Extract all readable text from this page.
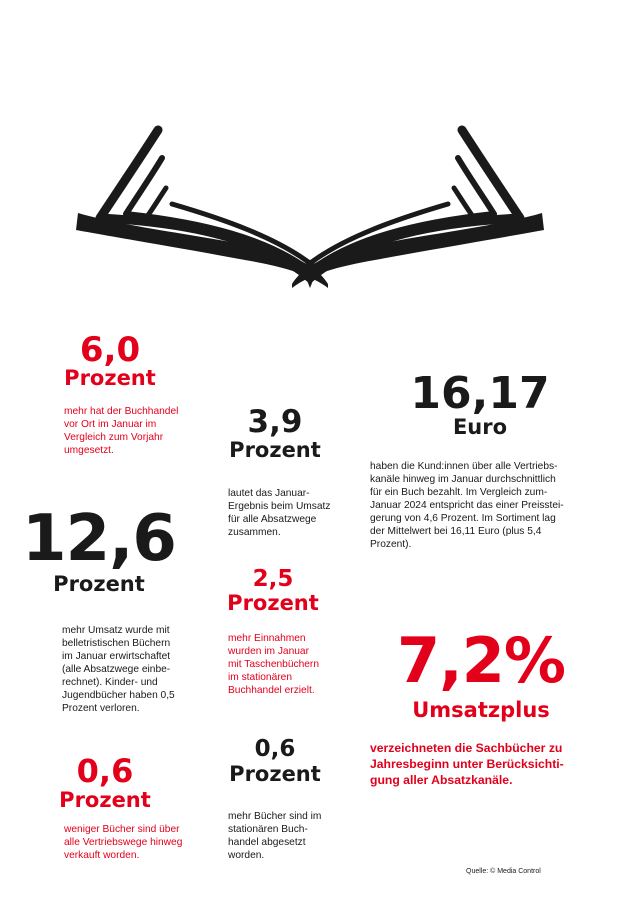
6,0
Prozent
mehr hat der Buchhandel
vor Ort im Januar im
Vergleich zum Vorjahr
umgesetzt.
3,9
Prozent
lautet das Januar-
Ergebnis beim Umsatz
für alle Absatzwege
zusammen.
16,17
Euro
haben die Kund:innen über alle Vertriebs-
kanäle hinweg im Januar durchschnittlich
für ein Buch bezahlt. Im Vergleich zum-
Januar 2024 entspricht das einer Preisstei-
gerung von 4,6 Prozent. Im Sortiment lag
der Mittelwert bei 16,11 Euro (plus 5,4
Prozent).
12,6
Prozent
mehr Umsatz wurde mit
belletristischen Büchern
im Januar erwirtschaftet
(alle Absatzwege einbe-
rechnet). Kinder- und
Jugendbücher haben 0,5
Prozent verloren.
2,5
Prozent
mehr Einnahmen
wurden im Januar
mit Taschenbüchern
im stationären
Buchhandel erzielt.	7,2%
Umsatzplus
verzeichneten die Sachbücher zu
Jahresbeginn unter Berücksichti-
gung aller Absatzkanäle.
0,6
Prozent
weniger Bücher sind über
alle Vertriebswege hinweg
verkauft worden.
0,6
Prozent
mehr Bücher sind im
stationären Buch-
handel abgesetzt
worden.
Quelle: © Media Control
